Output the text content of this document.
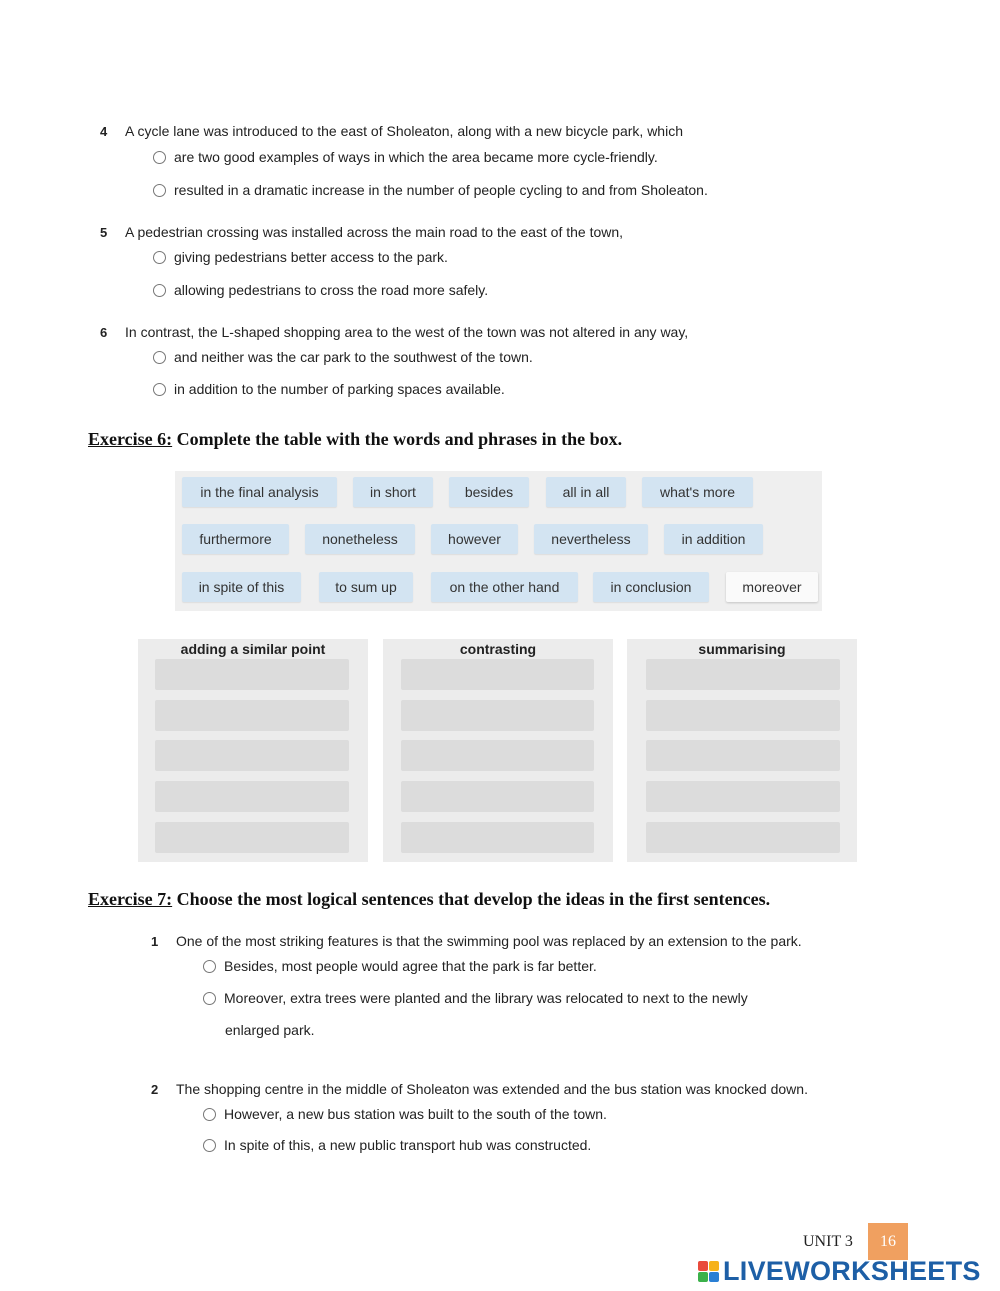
4 A cycle lane was introduced to the east of Sholeaton, along with a new bicycle park, which
are two good examples of ways in which the area became more cycle-friendly.
resulted in a dramatic increase in the number of people cycling to and from Sholeaton.
5 A pedestrian crossing was installed across the main road to the east of the town,
giving pedestrians better access to the park.
allowing pedestrians to cross the road more safely.
6 In contrast, the L-shaped shopping area to the west of the town was not altered in any way,
and neither was the car park to the southwest of the town.
in addition to the number of parking spaces available.
Exercise 6: Complete the table with the words and phrases in the box.
in the final analysis	in short	besides	all in all	what's more
furthermore	nonetheless	however	nevertheless	in addition
in spite of this	to sum up	on the other hand	in conclusion	moreover
adding a similar point	contrasting	summarising
Exercise 7: Choose the most logical sentences that develop the ideas in the first sentences.
1 One of the most striking features is that the swimming pool was replaced by an extension to the park.
Besides, most people would agree that the park is far better.
Moreover, extra trees were planted and the library was relocated to next to the newly
enlarged park.
2 The shopping centre in the middle of Sholeaton was extended and the bus station was knocked down.
However, a new bus station was built to the south of the town.
In spite of this, a new public transport hub was constructed.
UNIT 3	16
LIVEWORKSHEETS
